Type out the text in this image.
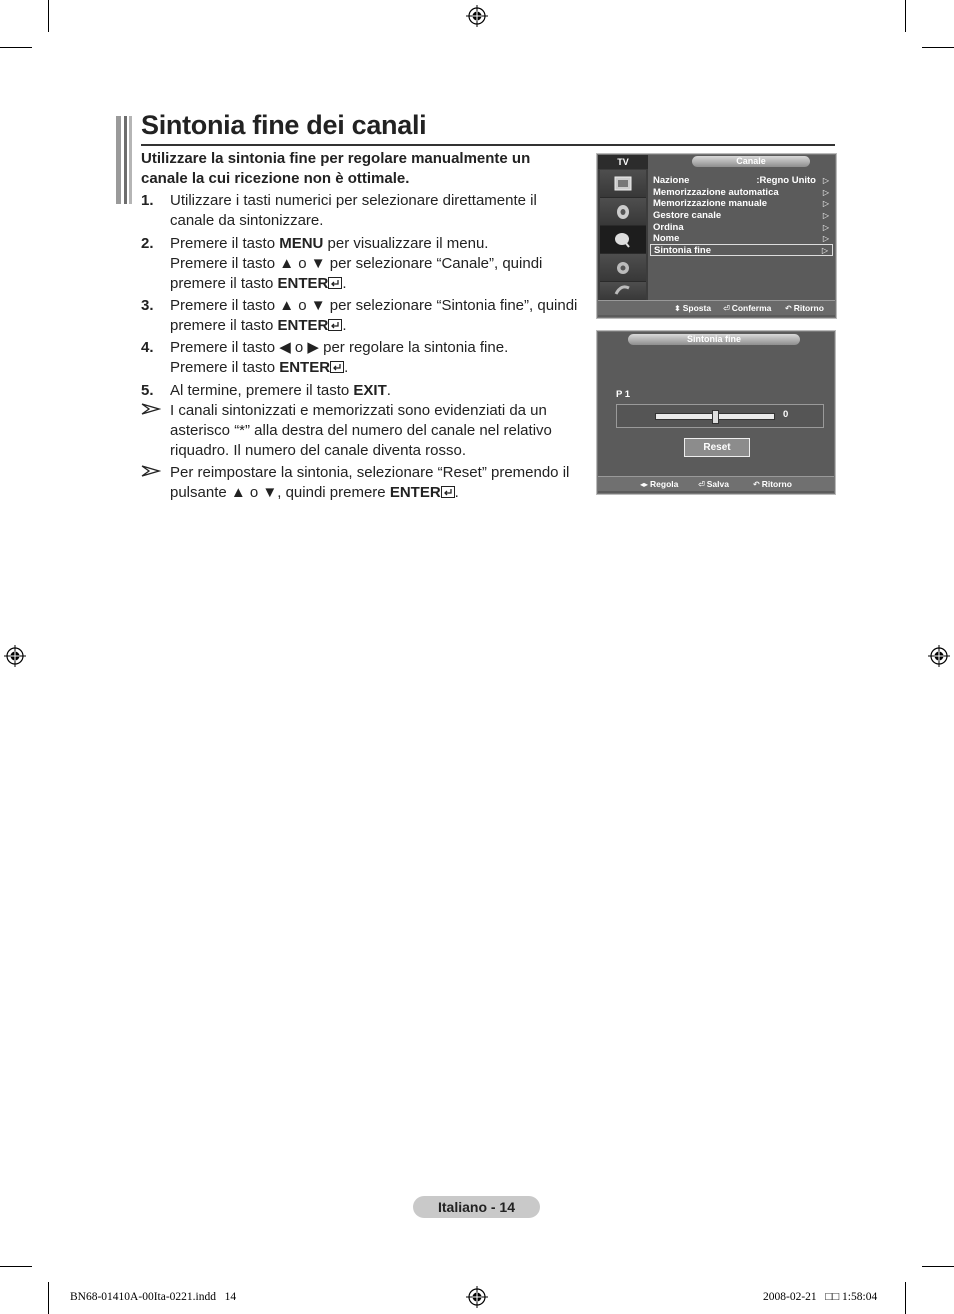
Sintonia fine dei canali
Utilizzare la sintonia fine per regolare manualmente un canale la cui ricezione non è ottimale.
1. Utilizzare i tasti numerici per selezionare direttamente il canale da sintonizzare.
2. Premere il tasto MENU per visualizzare il menu.
Premere il tasto ▲ o ▼ per selezionare “Canale”, quindi premere il tasto ENTER .
3. Premere il tasto ▲ o ▼ per selezionare “Sintonia fine”, quindi premere il tasto ENTER .
4. Premere il tasto ◀ o ▶ per regolare la sintonia fine.
Premere il tasto ENTER .
5. Al termine, premere il tasto EXIT.
I canali sintonizzati e memorizzati sono evidenziati da un asterisco “*” alla destra del numero del canale nel relativo riquadro. Il numero del canale diventa rosso.
Per reimpostare la sintonia, selezionare “Reset” premendo il pulsante ▲ o ▼, quindi premere ENTER .
TV	Canale
Nazione	:Regno Unito ▷
Memorizzazione automatica	▷
Memorizzazione manuale	▷
Gestore canale	▷
Ordina	▷
Nome	▷
Sintonia fine	▷
⬍ Sposta ⏎ Conferma ↶ Ritorno
Sintonia fine
P 1
0
Reset
◂▸ Regola ⏎ Salva	↶ Ritorno
Italiano - 14
BN68-01410A-00Ita-0221.indd   14	2008-02-21   □□ 1:58:04
